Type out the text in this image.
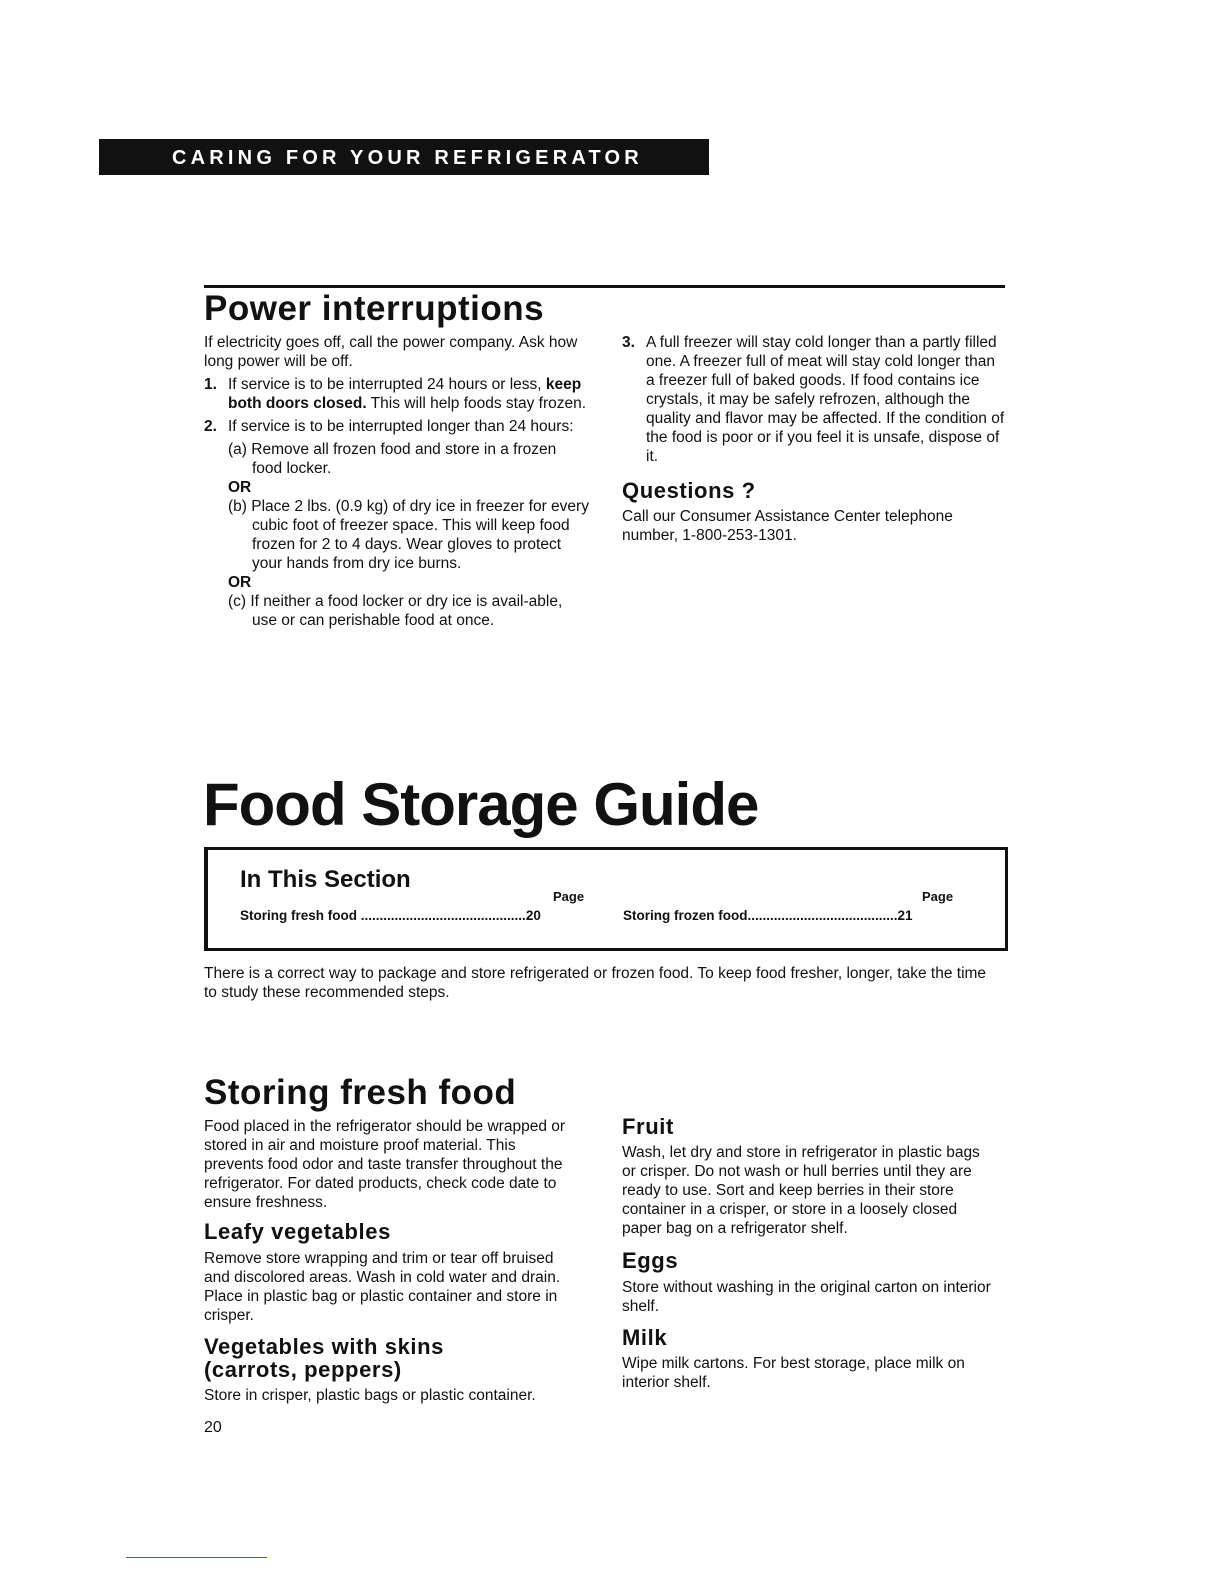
CARING FOR YOUR REFRIGERATOR
Power interruptions

If electricity goes off, call the power company. Ask how long power will be off.

1. If service is to be interrupted 24 hours or less, keep both doors closed. This will help foods stay frozen.
2. If service is to be interrupted longer than 24 hours:

(a) Remove all frozen food and store in a frozen food locker.

OR

(b) Place 2 lbs. (0.9 kg) of dry ice in freezer for every cubic foot of freezer space. This will keep food frozen for 2 to 4 days. Wear gloves to protect your hands from dry ice burns.

OR

(c) If neither a food locker or dry ice is avail-able, use or can perishable food at once.

3. A full freezer will stay cold longer than a partly filled one. A freezer full of meat will stay cold longer than a freezer full of baked goods. If food contains ice crystals, it may be safely refrozen, although the quality and flavor may be affected. If the condition of the food is poor or if you feel it is unsafe, dispose of it.
Questions ?

Call our Consumer Assistance Center telephone number, 1-800-253-1301.

Food Storage Guide
In This Section
Page	Page
Storing fresh food ............................................20	Storing frozen food........................................21

There is a correct way to package and store refrigerated or frozen food. To keep food fresher, longer, take the time to study these recommended steps.

Storing fresh food

Food placed in the refrigerator should be wrapped or stored in air and moisture proof material. This prevents food odor and taste transfer throughout the refrigerator. For dated products, check code date to ensure freshness.

Leafy vegetables

Remove store wrapping and trim or tear off bruised and discolored areas. Wash in cold water and drain. Place in plastic bag or plastic container and store in crisper.

Vegetables with skins
(carrots, peppers)

Store in crisper, plastic bags or plastic container.

Fruit

Wash, let dry and store in refrigerator in plastic bags or crisper. Do not wash or hull berries until they are ready to use. Sort and keep berries in their store container in a crisper, or store in a loosely closed paper bag on a refrigerator shelf.

Eggs

Store without washing in the original carton on interior shelf.

Milk

Wipe milk cartons. For best storage, place milk on interior shelf.

20
